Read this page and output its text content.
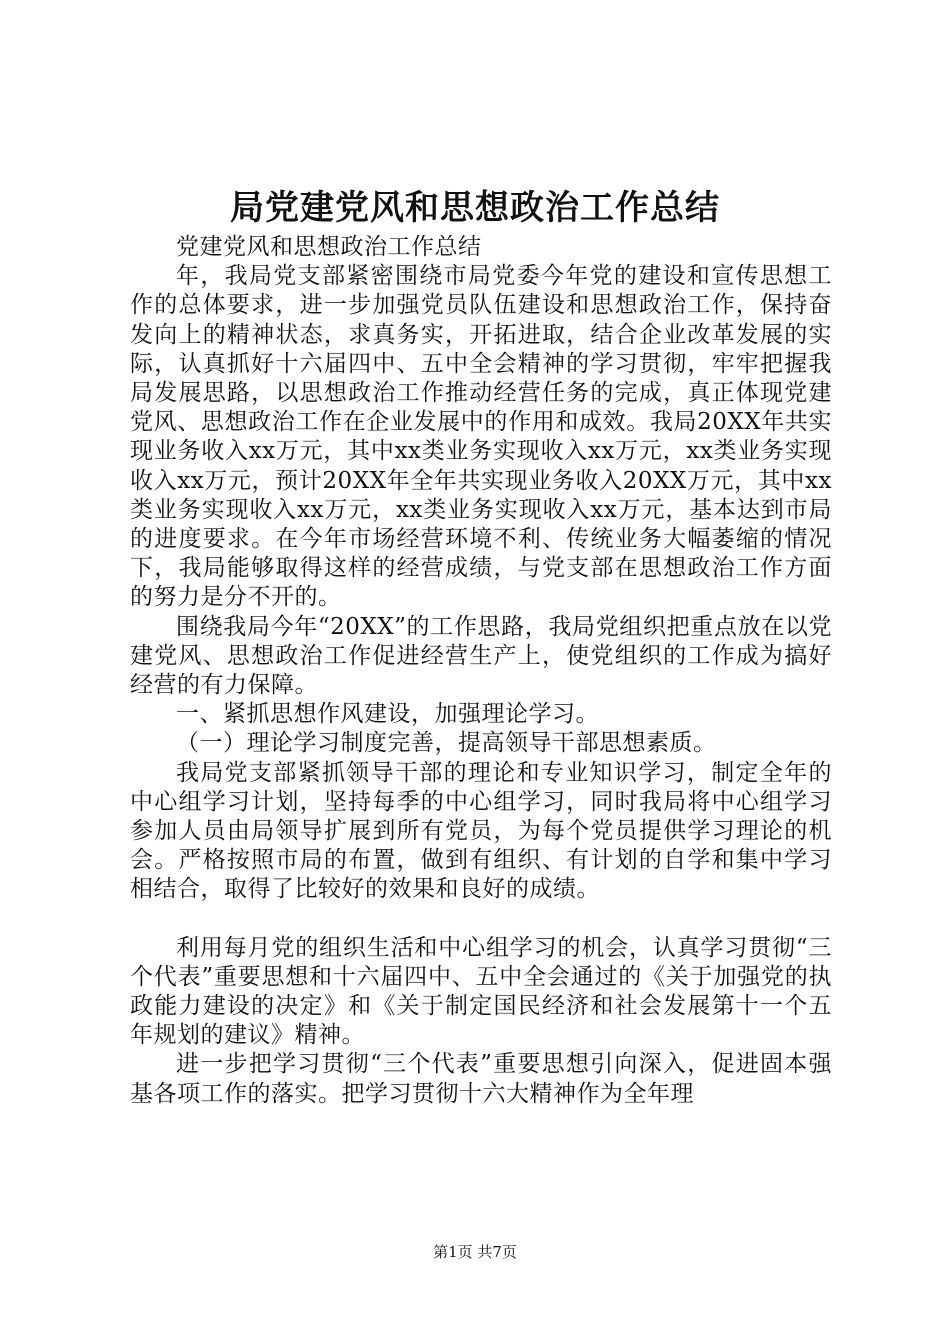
局党建党风和思想政治工作总结

党建党风和思想政治工作总结

年，我局党支部紧密围绕市局党委今年党的建设和宣传思想工作的总体要求，进一步加强党员队伍建设和思想政治工作，保持奋发向上的精神状态，求真务实，开拓进取，结合企业改革发展的实际，认真抓好十六届四中、五中全会精神的学习贯彻，牢牢把握我局发展思路，以思想政治工作推动经营任务的完成，真正体现党建党风、思想政治工作在企业发展中的作用和成效。我局20XX年共实现业务收入xx万元，其中xx类业务实现收入xx万元，xx类业务实现收入xx万元，预计20XX年全年共实现业务收入20XX万元，其中xx类业务实现收入xx万元，xx类业务实现收入xx万元，基本达到市局的进度要求。在今年市场经营环境不利、传统业务大幅萎缩的情况下，我局能够取得这样的经营成绩，与党支部在思想政治工作方面的努力是分不开的。

围绕我局今年“20XX”的工作思路，我局党组织把重点放在以党建党风、思想政治工作促进经营生产上，使党组织的工作成为搞好经营的有力保障。

一、紧抓思想作风建设，加强理论学习。

（一）理论学习制度完善，提高领导干部思想素质。

我局党支部紧抓领导干部的理论和专业知识学习，制定全年的中心组学习计划，坚持每季的中心组学习，同时我局将中心组学习参加人员由局领导扩展到所有党员，为每个党员提供学习理论的机会。严格按照市局的布置，做到有组织、有计划的自学和集中学习相结合，取得了比较好的效果和良好的成绩。

利用每月党的组织生活和中心组学习的机会，认真学习贯彻“三个代表”重要思想和十六届四中、五中全会通过的《关于加强党的执政能力建设的决定》和《关于制定国民经济和社会发展第十一个五年规划的建议》精神。

进一步把学习贯彻“三个代表”重要思想引向深入，促进固本强基各项工作的落实。把学习贯彻十六大精神作为全年理

第1页 共7页
